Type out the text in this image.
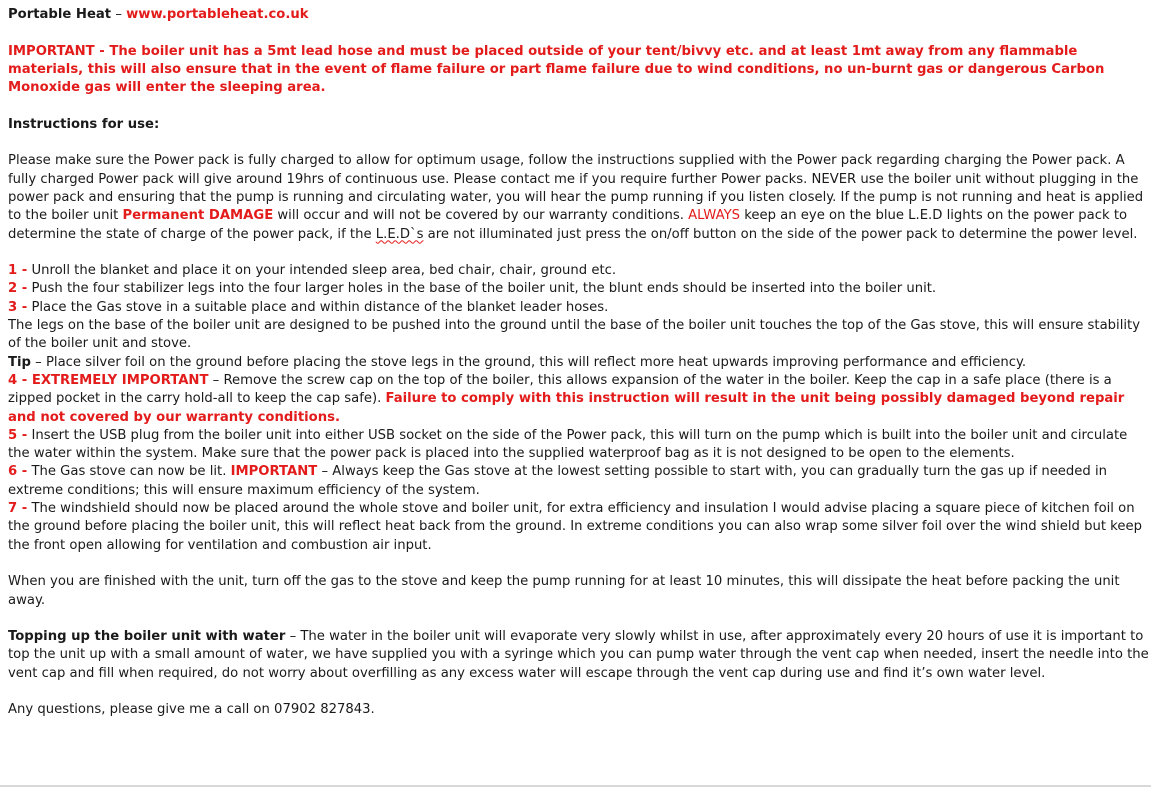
Portable Heat – www.portableheat.co.uk

IMPORTANT - The boiler unit has a 5mt lead hose and must be placed outside of your tent/bivvy etc. and at least 1mt away from any flammable materials, this will also ensure that in the event of flame failure or part flame failure due to wind conditions, no un-burnt gas or dangerous Carbon Monoxide gas will enter the sleeping area.

Instructions for use:

Please make sure the Power pack is fully charged to allow for optimum usage, follow the instructions supplied with the Power pack regarding charging the Power pack. A fully charged Power pack will give around 19hrs of continuous use. Please contact me if you require further Power packs. NEVER use the boiler unit without plugging in the power pack and ensuring that the pump is running and circulating water, you will hear the pump running if you listen closely. If the pump is not running and heat is applied to the boiler unit Permanent DAMAGE will occur and will not be covered by our warranty conditions. ALWAYS keep an eye on the blue L.E.D lights on the power pack to determine the state of charge of the power pack, if the L.E.D`s are not illuminated just press the on/off button on the side of the power pack to determine the power level.

1 - Unroll the blanket and place it on your intended sleep area, bed chair, chair, ground etc.

2 - Push the four stabilizer legs into the four larger holes in the base of the boiler unit, the blunt ends should be inserted into the boiler unit.

3 - Place the Gas stove in a suitable place and within distance of the blanket leader hoses.

The legs on the base of the boiler unit are designed to be pushed into the ground until the base of the boiler unit touches the top of the Gas stove, this will ensure stability of the boiler unit and stove.

Tip – Place silver foil on the ground before placing the stove legs in the ground, this will reflect more heat upwards improving performance and efficiency.

4 - EXTREMELY IMPORTANT – Remove the screw cap on the top of the boiler, this allows expansion of the water in the boiler. Keep the cap in a safe place (there is a zipped pocket in the carry hold-all to keep the cap safe). Failure to comply with this instruction will result in the unit being possibly damaged beyond repair and not covered by our warranty conditions.

5 - Insert the USB plug from the boiler unit into either USB socket on the side of the Power pack, this will turn on the pump which is built into the boiler unit and circulate the water within the system. Make sure that the power pack is placed into the supplied waterproof bag as it is not designed to be open to the elements.

6 - The Gas stove can now be lit. IMPORTANT – Always keep the Gas stove at the lowest setting possible to start with, you can gradually turn the gas up if needed in extreme conditions; this will ensure maximum efficiency of the system.

7 - The windshield should now be placed around the whole stove and boiler unit, for extra efficiency and insulation I would advise placing a square piece of kitchen foil on the ground before placing the boiler unit, this will reflect heat back from the ground. In extreme conditions you can also wrap some silver foil over the wind shield but keep the front open allowing for ventilation and combustion air input.

When you are finished with the unit, turn off the gas to the stove and keep the pump running for at least 10 minutes, this will dissipate the heat before packing the unit away.

Topping up the boiler unit with water – The water in the boiler unit will evaporate very slowly whilst in use, after approximately every 20 hours of use it is important to top the unit up with a small amount of water, we have supplied you with a syringe which you can pump water through the vent cap when needed, insert the needle into the vent cap and fill when required, do not worry about overfilling as any excess water will escape through the vent cap during use and find it’s own water level.

Any questions, please give me a call on 07902 827843.
